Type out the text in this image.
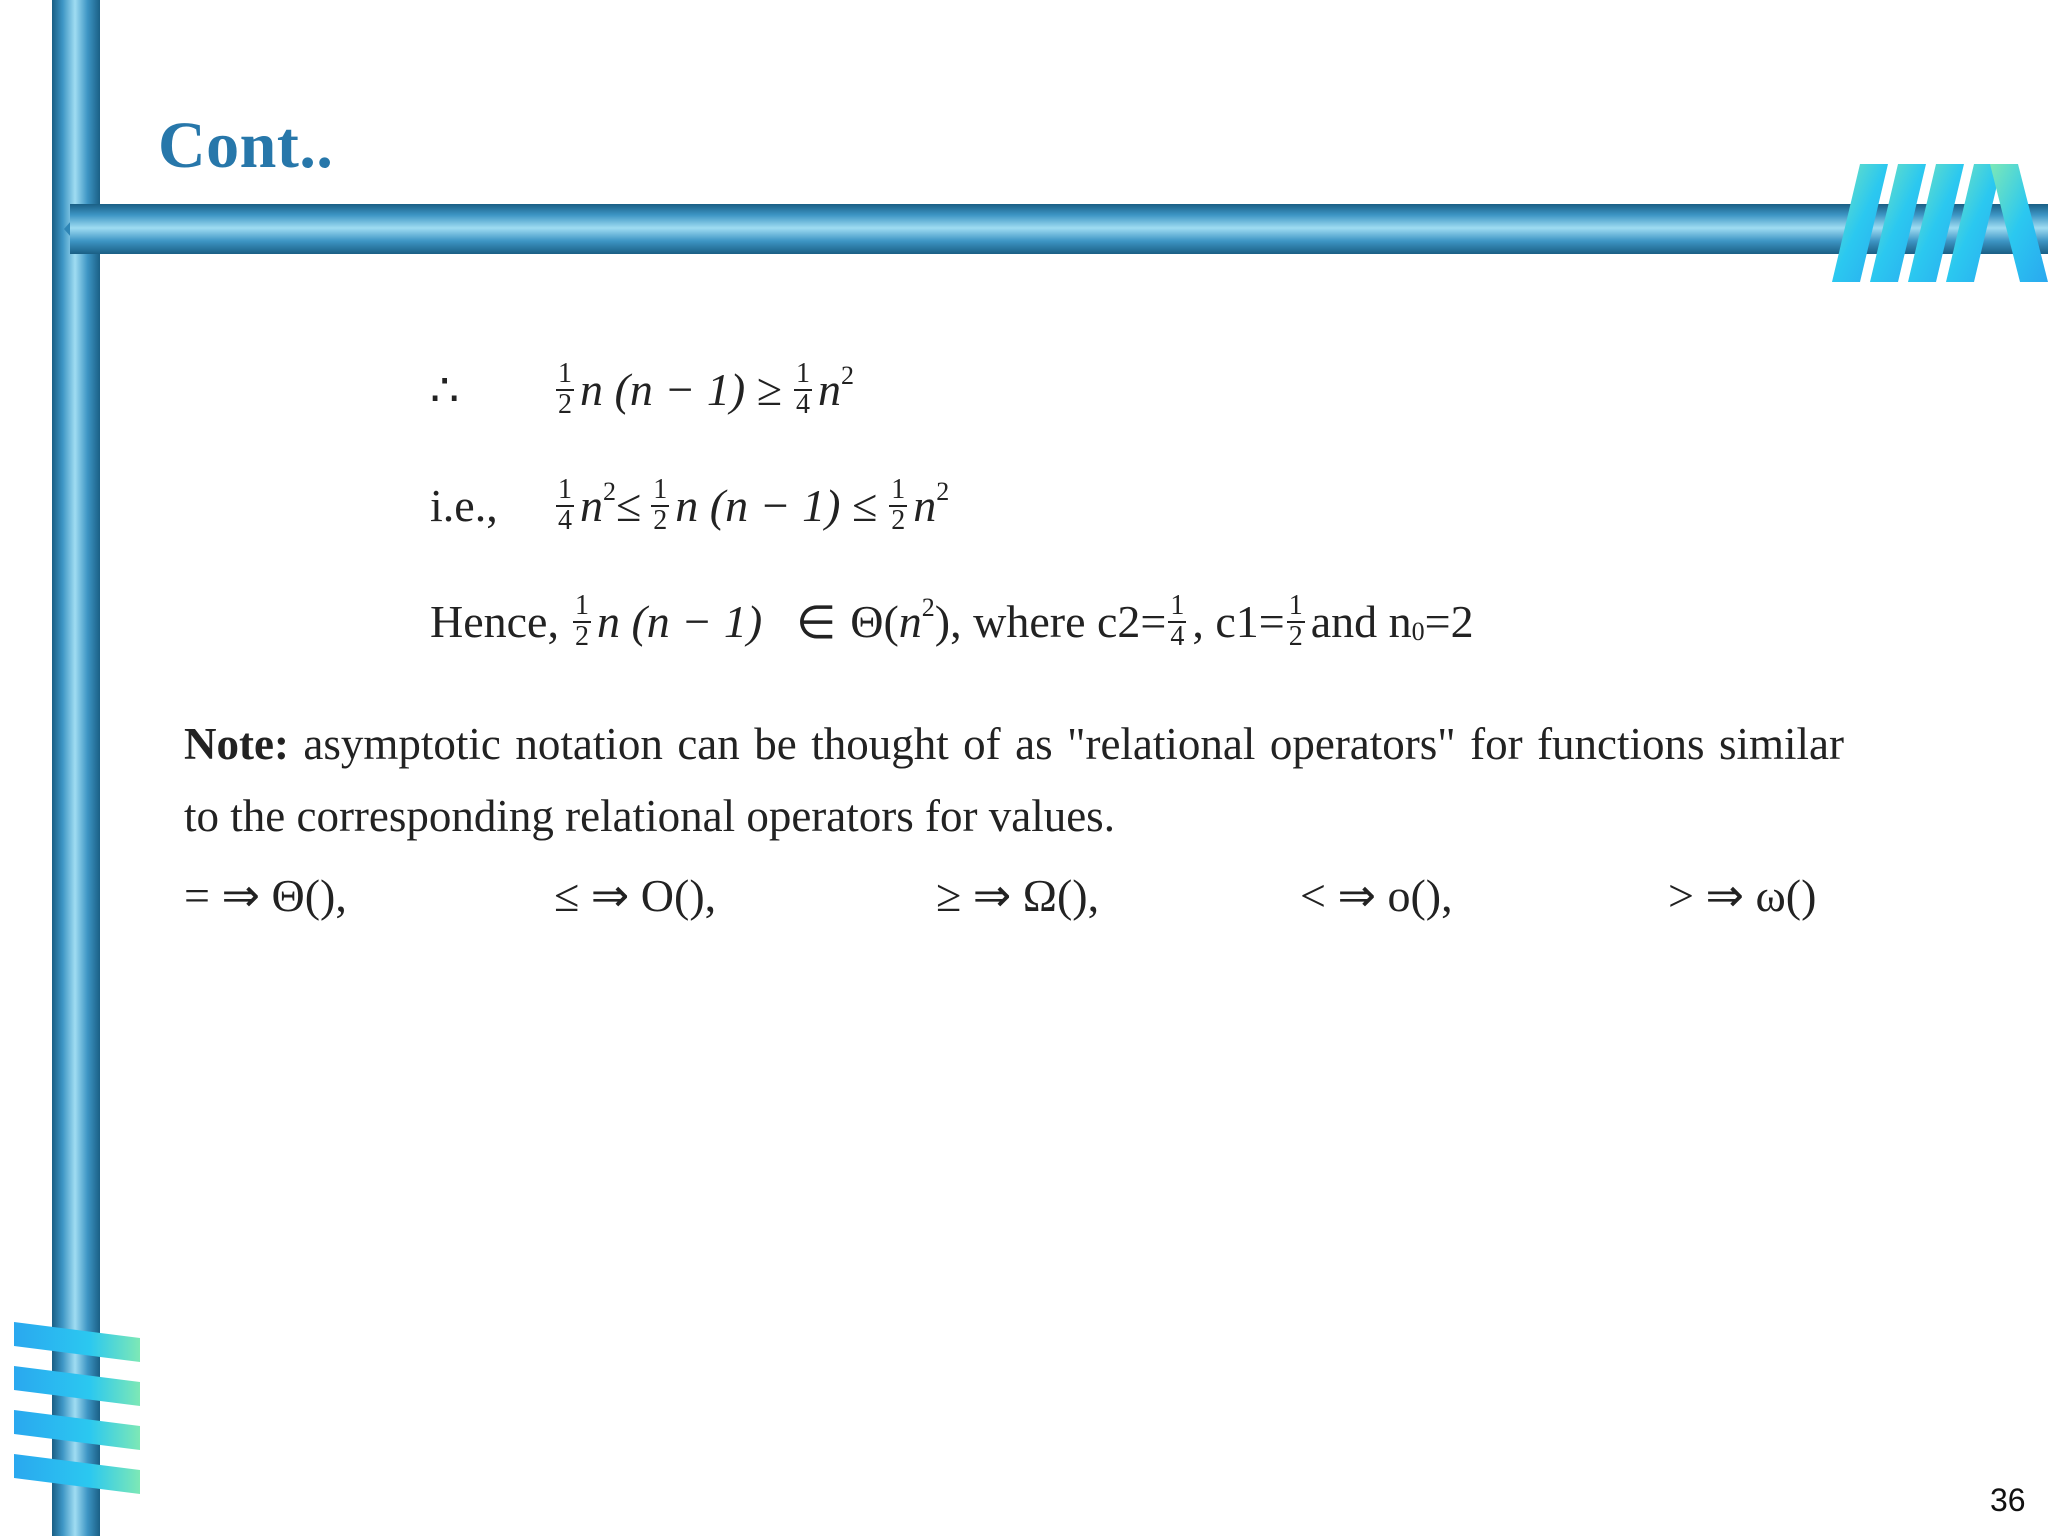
Cont..
∴	$\frac{1}{2}$ n $(n - 1) \ge \frac{1}{4} n^2$
i.e.,	$\frac{1}{4} n^2 \le \frac{1}{2}$ n $(n - 1) \le \frac{1}{2} n^2$
Hence, $\frac{1}{2}$ n (n − 1) ∈ Θ( $n^2$ ), where $c2= \frac{1}{4}$ , $c1= \frac{1}{2}$ and $n_0 =2$

Note: asymptotic notation can be thought of as "relational operators" for functions similar to the corresponding relational operators for values.

= ⇒ Θ(),	≤ ⇒ O(),	≥ ⇒ Ω(),	< ⇒ o(),	> ⇒ ω()
36
